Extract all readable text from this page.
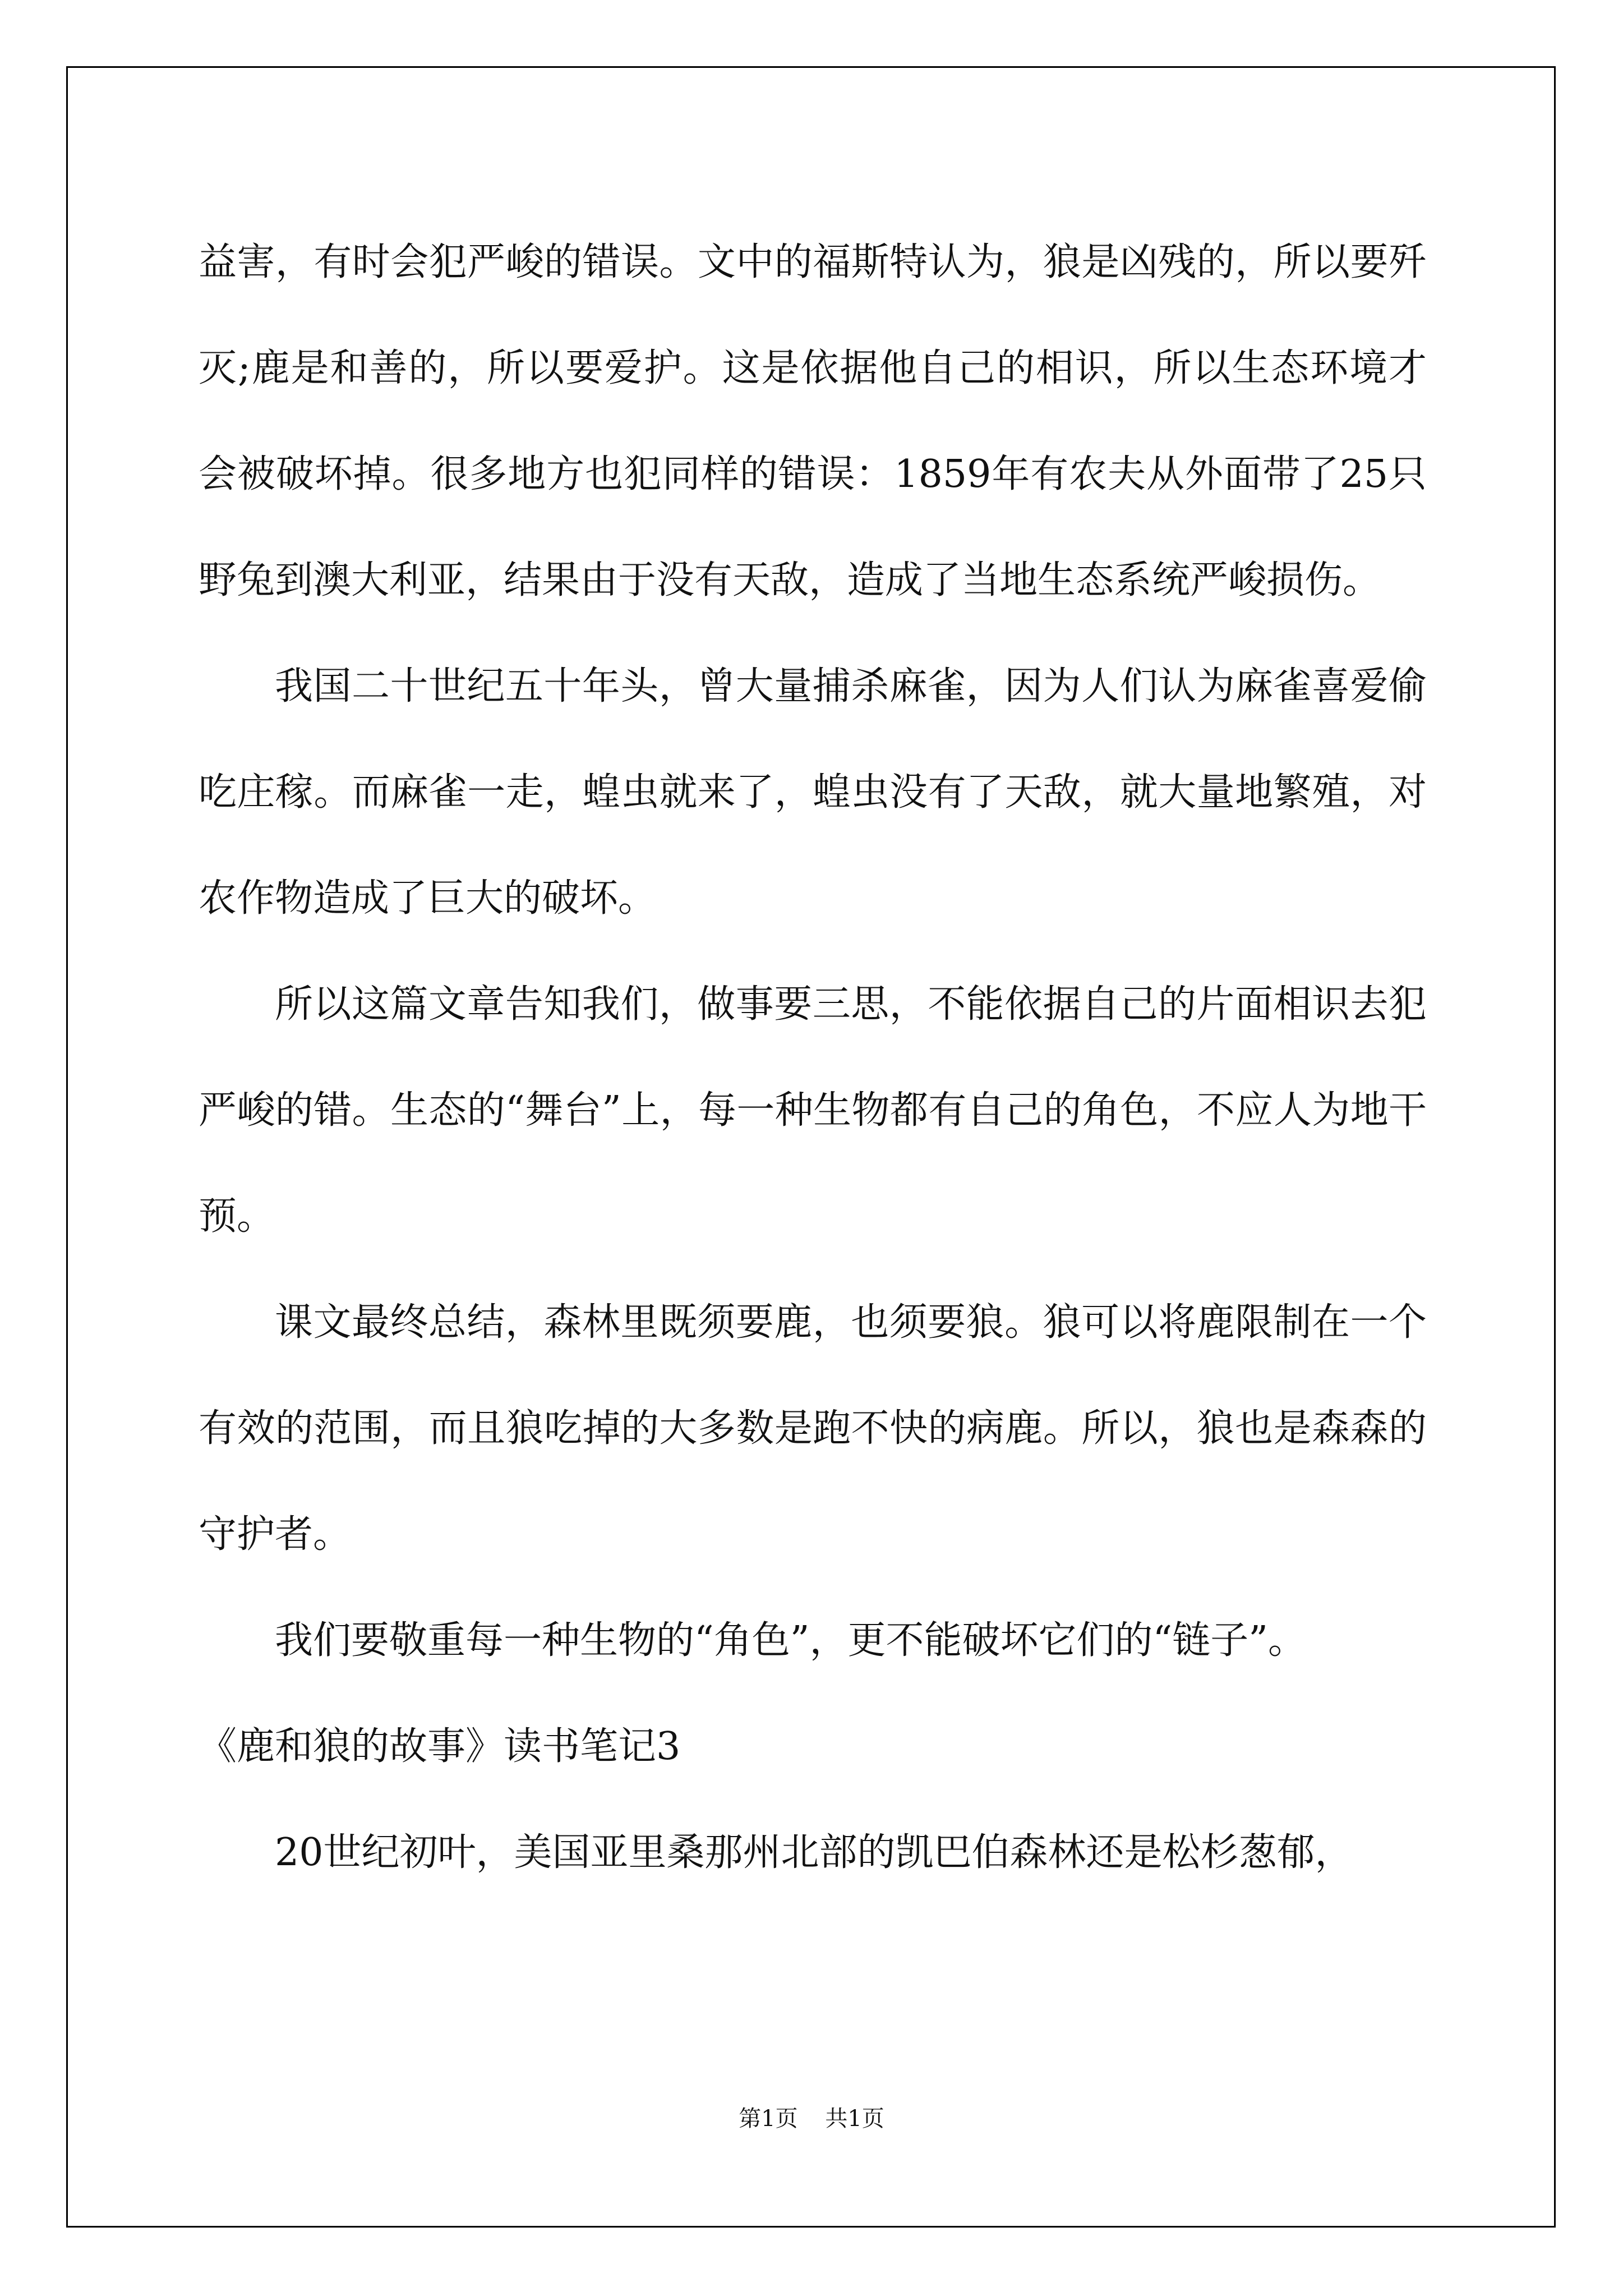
益害，有时会犯严峻的错误。文中的福斯特认为，狼是凶残的，所以要歼灭;鹿是和善的，所以要爱护。这是依据他自己的相识，所以生态环境才会被破坏掉。很多地方也犯同样的错误：1859年有农夫从外面带了25只野兔到澳大利亚，结果由于没有天敌，造成了当地生态系统严峻损伤。

我国二十世纪五十年头，曾大量捕杀麻雀，因为人们认为麻雀喜爱偷吃庄稼。而麻雀一走，蝗虫就来了，蝗虫没有了天敌，就大量地繁殖，对农作物造成了巨大的破坏。

所以这篇文章告知我们，做事要三思，不能依据自己的片面相识去犯严峻的错。生态的“舞台”上，每一种生物都有自己的角色，不应人为地干预。

课文最终总结，森林里既须要鹿，也须要狼。狼可以将鹿限制在一个有效的范围，而且狼吃掉的大多数是跑不快的病鹿。所以，狼也是森森的守护者。

我们要敬重每一种生物的“角色”，更不能破坏它们的“链子”。

《鹿和狼的故事》读书笔记3

20世纪初叶，美国亚里桑那州北部的凯巴伯森林还是松杉葱郁，

第1页 共1页
